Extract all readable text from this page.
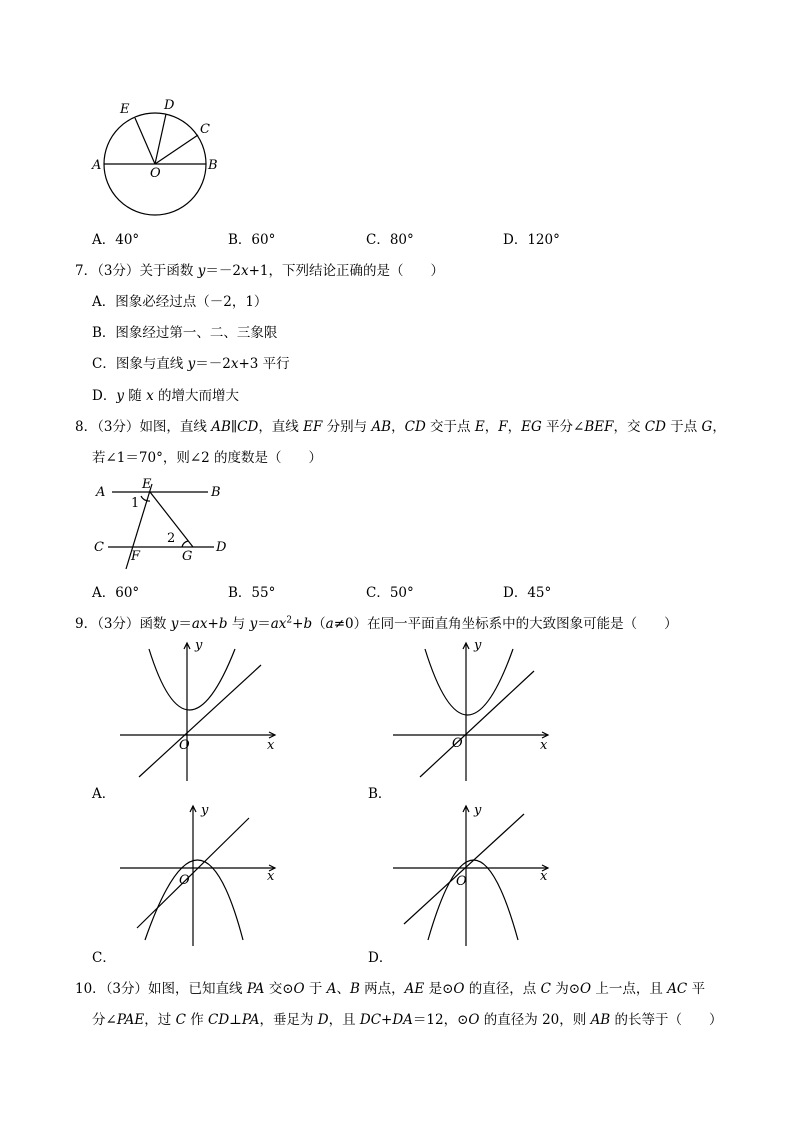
A	B
O
E	D
C
A．40°	B．60°	C．80°	D．120°
7．（3分）关于函数 y＝－2x+1，下列结论正确的是（　　）
A．图象必经过点（－2，1）
B．图象经过第一、二、三象限
C．图象与直线 y＝－2x+3 平行
D．y 随 x 的增大而增大
8．（3分）如图，直线 AB∥CD，直线 EF 分别与 AB，CD 交于点 E，F，EG 平分∠BEF，交 CD 于点 G，
若∠1＝70°，则∠2 的度数是（　　）
A	B
C	D
E
F	G
1
2
A．60°	B．55°	C．50°	D．45°
9．（3分）函数 y＝ax+b 与 $y=ax^2+b(a\ne 0)$在同一平面直角坐标系中的大致图象可能是（　　）
x
y
O
A．
x
y
O
B．
x
y
O
C．
x
y
O
D．
10．（3分）如图，已知直线 PA 交⊙O 于 A、B 两点，AE 是⊙O 的直径，点 C 为⊙O 上一点，且 AC 平
分∠PAE，过 C 作 CD⊥PA，垂足为 D，且 DC+DA＝12，⊙O 的直径为 20，则 AB 的长等于（　　）
